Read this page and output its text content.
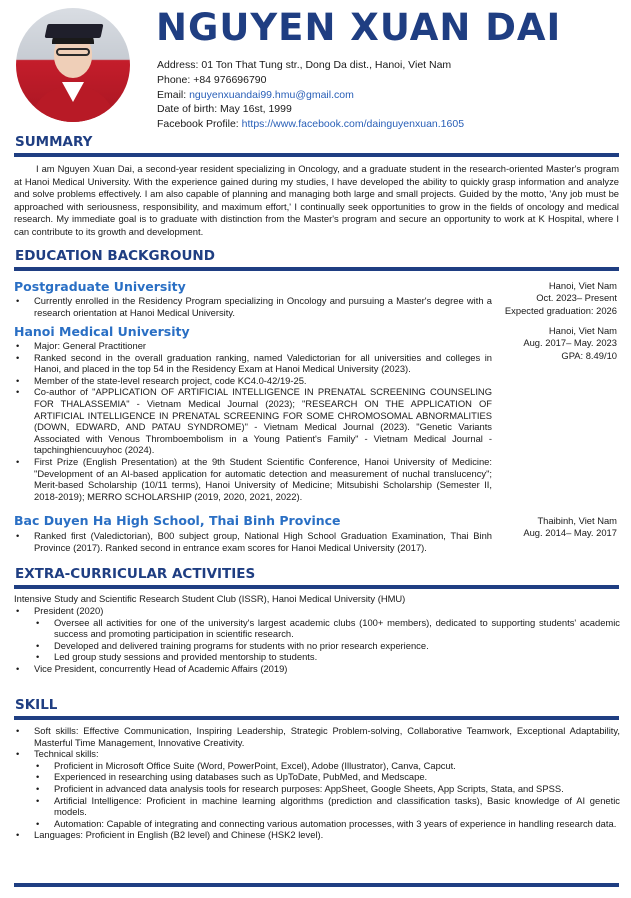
NGUYEN XUAN DAI
Address: 01 Ton That Tung str., Dong Da dist., Hanoi, Viet Nam
Phone: +84 976696790
Email: nguyenxuandai99.hmu@gmail.com
Date of birth: May 16st, 1999
Facebook Profile: https://www.facebook.com/dainguyenxuan.1605
SUMMARY

I am Nguyen Xuan Dai, a second-year resident specializing in Oncology, and a graduate student in the research-oriented Master's program at Hanoi Medical University. With the experience gained during my studies, I have developed the ability to quickly grasp information and analyze and solve problems effectively. I am also capable of planning and managing both large and small projects. Guided by the motto, 'Any job must be approached with seriousness, responsibility, and maximum effort,' I continually seek opportunities to grow in the fields of oncology and medical research. My immediate goal is to graduate with distinction from the Master's program and secure an opportunity to work at K Hospital, where I can contribute to its growth and development.

EDUCATION BACKGROUND
Postgraduate University	Hanoi, Viet Nam
Oct. 2023– Present
Expected graduation: 2026
• Currently enrolled in the Residency Program specializing in Oncology and pursuing a Master's degree with a research orientation at Hanoi Medical University.
Hanoi Medical University	Hanoi, Viet Nam
Aug. 2017– May. 2023
GPA: 8.49/10
• Major: General Practitioner
• Ranked second in the overall graduation ranking, named Valedictorian for all universities and colleges in Hanoi, and placed in the top 54 in the Residency Exam at Hanoi Medical University (2023).
• Member of the state-level research project, code KC4.0-42/19-25.
• Co-author of "APPLICATION OF ARTIFICIAL INTELLIGENCE IN PRENATAL SCREENING COUNSELING FOR THALASSEMIA" - Vietnam Medical Journal (2023); "RESEARCH ON THE APPLICATION OF ARTIFICIAL INTELLIGENCE IN PRENATAL SCREENING FOR SOME CHROMOSOMAL ABNORMALITIES (DOWN, EDWARD, AND PATAU SYNDROME)" - Vietnam Medical Journal (2023). "Genetic Variants Associated with Venous Thromboembolism in a Young Patient's Family" - Vietnam Medical Journal - tapchinghiencuuyhoc (2024).
• First Prize (English Presentation) at the 9th Student Scientific Conference, Hanoi University of Medicine: "Development of an AI-based application for automatic detection and measurement of nuchal translucency"; Merit-based Scholarship (10/11 terms), Hanoi University of Medicine; Mitsubishi Scholarship (Semester II, 2018-2019); MERRO SCHOLARSHIP (2019, 2020, 2021, 2022).
Bac Duyen Ha High School, Thai Binh Province	Thaibinh, Viet Nam
Aug. 2014– May. 2017
• Ranked first (Valedictorian), B00 subject group, National High School Graduation Examination, Thai Binh Province (2017). Ranked second in entrance exam scores for Hanoi Medical University (2017).
EXTRA-CURRICULAR ACTIVITIES
Intensive Study and Scientific Research Student Club (ISSR), Hanoi Medical University (HMU)
• President (2020)
• Oversee all activities for one of the university's largest academic clubs (100+ members), dedicated to supporting students' academic success and promoting participation in scientific research.
• Developed and delivered training programs for students with no prior research experience.
• Led group study sessions and provided mentorship to students.
• Vice President, concurrently Head of Academic Affairs (2019)
SKILL
• Soft skills: Effective Communication, Inspiring Leadership, Strategic Problem-solving, Collaborative Teamwork, Exceptional Adaptability, Masterful Time Management, Innovative Creativity.
• Technical skills:
• Proficient in Microsoft Office Suite (Word, PowerPoint, Excel), Adobe (Illustrator), Canva, Capcut.
• Experienced in researching using databases such as UpToDate, PubMed, and Medscape.
• Proficient in advanced data analysis tools for research purposes: AppSheet, Google Sheets, App Scripts, Stata, and SPSS.
• Artificial Intelligence: Proficient in machine learning algorithms (prediction and classification tasks), Basic knowledge of AI genetic models.
• Automation: Capable of integrating and connecting various automation processes, with 3 years of experience in handling research data.
• Languages: Proficient in English (B2 level) and Chinese (HSK2 level).
